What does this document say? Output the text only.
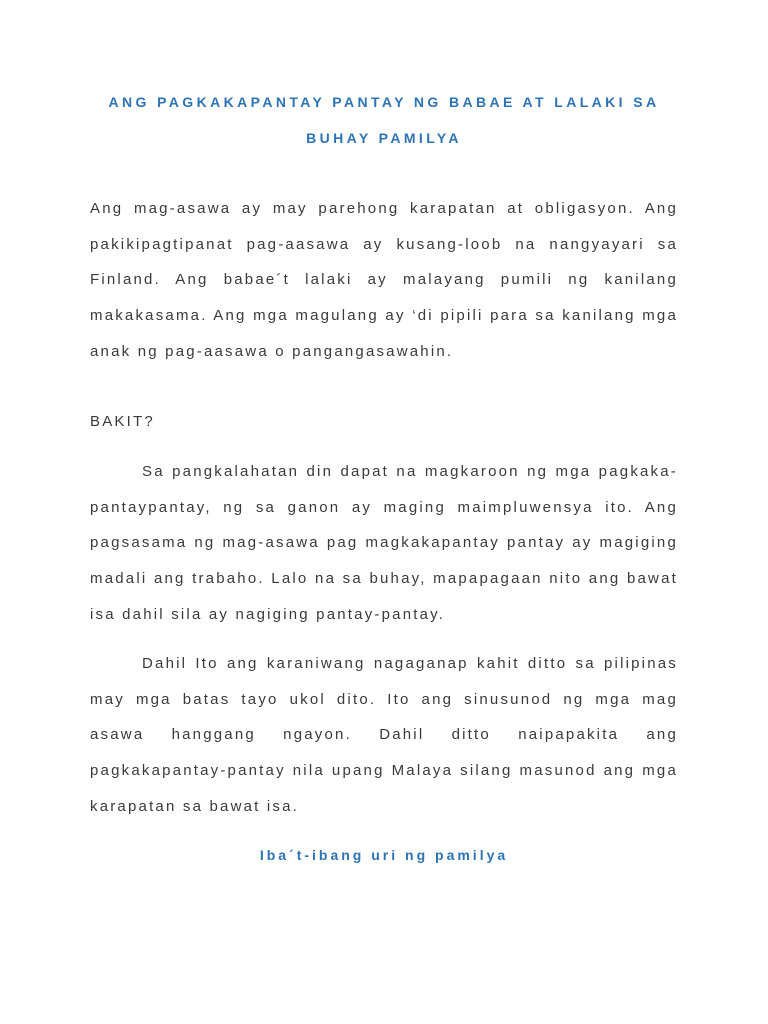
ANG PAGKAKAPANTAY PANTAY NG BABAE AT LALAKI SA
BUHAY PAMILYA

Ang mag-asawa ay may parehong karapatan at obligasyon. Ang pakikipagtipanat pag-aasawa ay kusang-loob na nangyayari sa Finland. Ang babae´t lalaki ay malayang pumili ng kanilang makakasama. Ang mga magulang ay ‘di pipili para sa kanilang mga anak ng pag-aasawa o pangangasawahin.

BAKIT?

Sa pangkalahatan din dapat na magkaroon ng mga pagkaka-pantaypantay, ng sa ganon ay maging maimpluwensya ito. Ang pagsasama ng mag-asawa pag magkakapantay pantay ay magiging madali ang trabaho. Lalo na sa buhay, mapapagaan nito ang bawat isa dahil sila ay nagiging pantay-pantay.

Dahil Ito ang karaniwang nagaganap kahit ditto sa pilipinas may mga batas tayo ukol dito. Ito ang sinusunod ng mga mag asawa hanggang ngayon. Dahil ditto naipapakita ang pagkakapantay-pantay nila upang Malaya silang masunod ang mga karapatan sa bawat isa.

Iba´t-ibang uri ng pamilya
